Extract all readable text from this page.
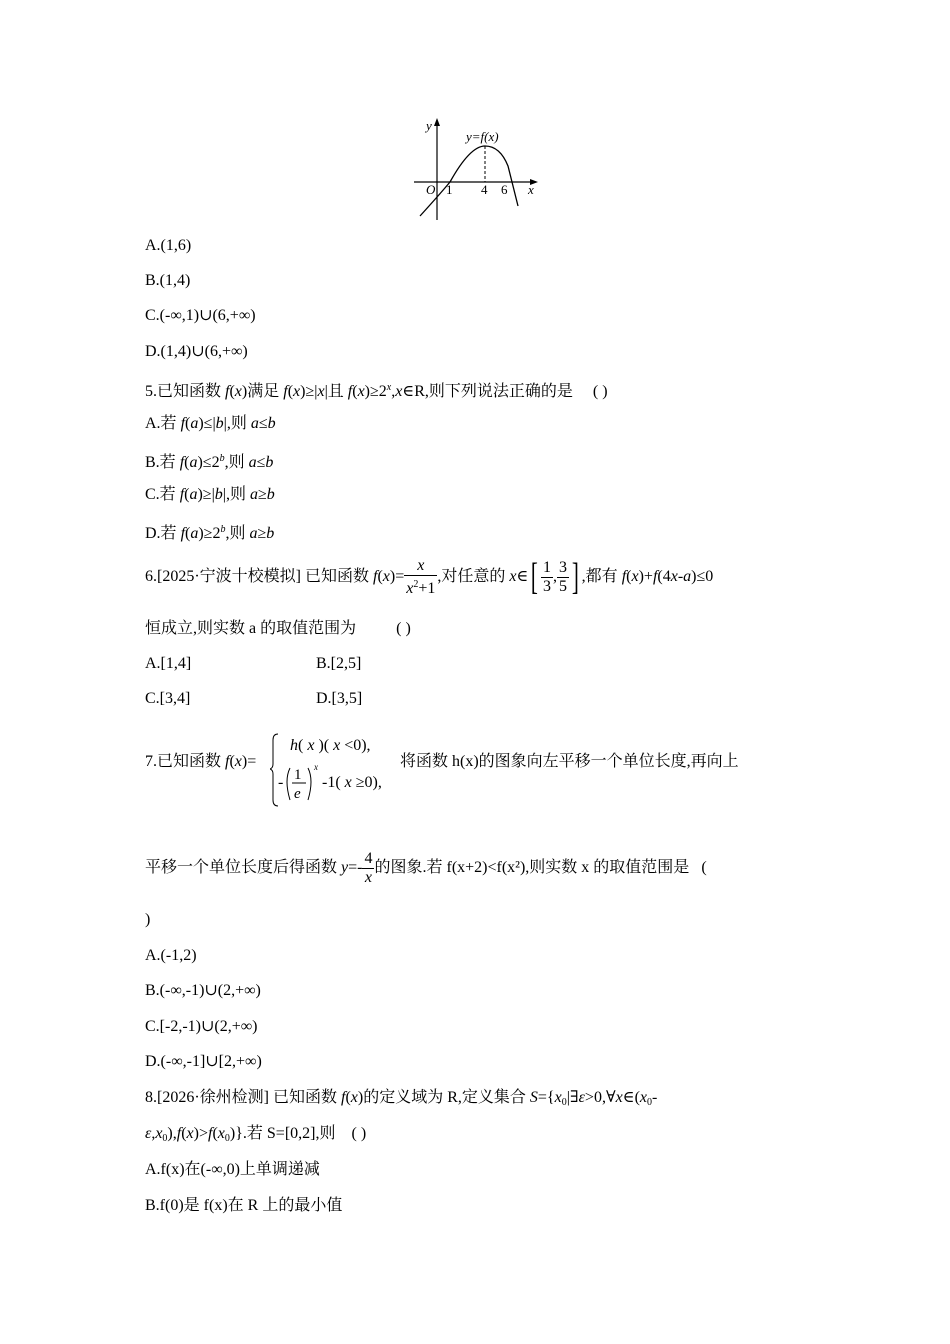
y
y=f(x)
O 1 4 6 x
A.(1,6)
B.(1,4)
C.(-∞,1)∪(6,+∞)
D.(1,4)∪(6,+∞)
5.已知函数 f(x)满足 f(x)≥|x|且 $f(x)\ge 2^x,x\in R$,则下列说法正确的是 ( )
A.若 f(a)≤|b|,则 a≤b
B.若 $f(a)\le 2^b$,则 a≤b
C.若 f(a)≥|b|,则 a≥b
D.若 $f(a)\ge 2^b$,则 a≥b
6.[2025·宁波十校模拟] 已知函数 $f(x)= \frac{x}{x^2+1}$ ,对任意的 x∈[ $\frac{1}{3}$ , $\frac{3}{5}$ ] ,都有 f(x)+f(4x-a)≤0
恒成立,则实数 a 的取值范围为	( )
A.[1,4]	B.[2,5]
C.[3,4]	D.[3,5]
7.已知函数 f(x)=
h( x )( x <0),
- 1
e
x
-1( x ≥0),
将函数 h(x)的图象向左平移一个单位长度,再向上
平移一个单位长度后得函数 $y=- \frac{4}{x}$ 的图象.若 f(x+2)<f(x²),则实数 x 的取值范围是 (
)
A.(-1,2)
B.(-∞,-1)∪(2,+∞)
C.[-2,-1)∪(2,+∞)
D.(-∞,-1]∪[2,+∞)
8.[2026·徐州检测] 已知函数 f(x)的定义域为 R,定义集合 $S=\{x_0|\exists\varepsilon>0,\forall x\in(x_0-$
$\varepsilon,x_0),f(x)>f(x_0)$}.若 S=[0,2],则 ( )
A.f(x)在(-∞,0)上单调递减
B.f(0)是 f(x)在 R 上的最小值
